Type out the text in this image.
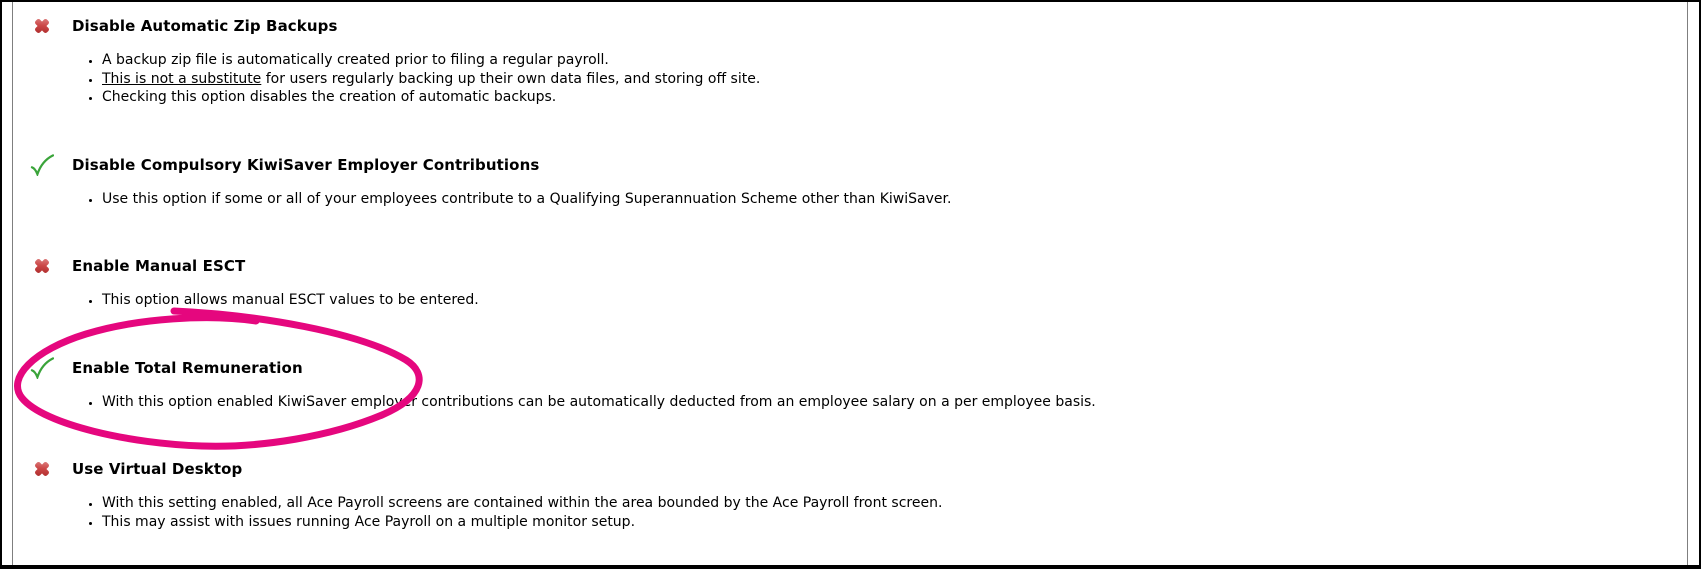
Disable Automatic Zip Backups
• A backup zip file is automatically created prior to filing a regular payroll.
• This is not a substitute for users regularly backing up their own data files, and storing off site.
• Checking this option disables the creation of automatic backups.
Disable Compulsory KiwiSaver Employer Contributions
• Use this option if some or all of your employees contribute to a Qualifying Superannuation Scheme other than KiwiSaver.
Enable Manual ESCT
• This option allows manual ESCT values to be entered.
Enable Total Remuneration
• With this option enabled KiwiSaver employer contributions can be automatically deducted from an employee salary on a per employee basis.
Use Virtual Desktop
• With this setting enabled, all Ace Payroll screens are contained within the area bounded by the Ace Payroll front screen.
• This may assist with issues running Ace Payroll on a multiple monitor setup.
